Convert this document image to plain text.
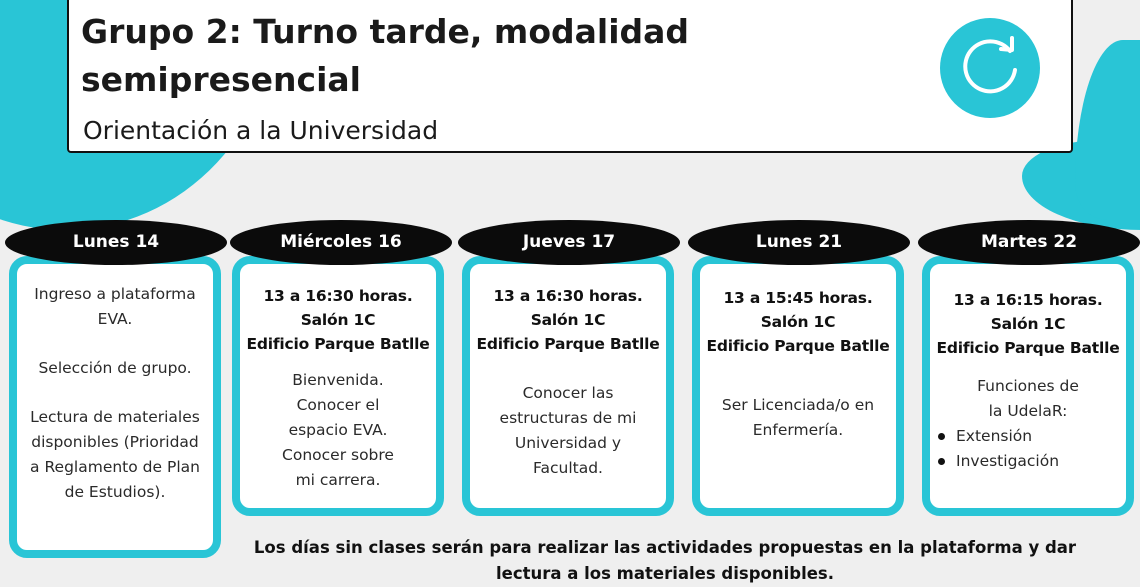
Grupo 2: Turno tarde, modalidad semipresencial
Orientación a la Universidad
Ingreso a plataforma EVA.
Selección de grupo.
Lectura de materiales disponibles (Prioridad a Reglamento de Plan de Estudios).
Lunes 14
13 a 16:30 horas.
Salón 1C
Edificio Parque Batlle
Bienvenida.
Conocer el espacio EVA.
Conocer sobre mi carrera.
Miércoles 16
13 a 16:30 horas.
Salón 1C
Edificio Parque Batlle
Conocer las estructuras de mi Universidad y Facultad.
Jueves 17
13 a 15:45 horas.
Salón 1C
Edificio Parque Batlle
Ser Licenciada/o en Enfermería.
Lunes 21
13 a 16:15 horas.
Salón 1C
Edificio Parque Batlle
Funciones de la UdelaR:
Extensión
Investigación
Martes 22
Los días sin clases serán para realizar las actividades propuestas en la plataforma y dar lectura a los materiales disponibles.
